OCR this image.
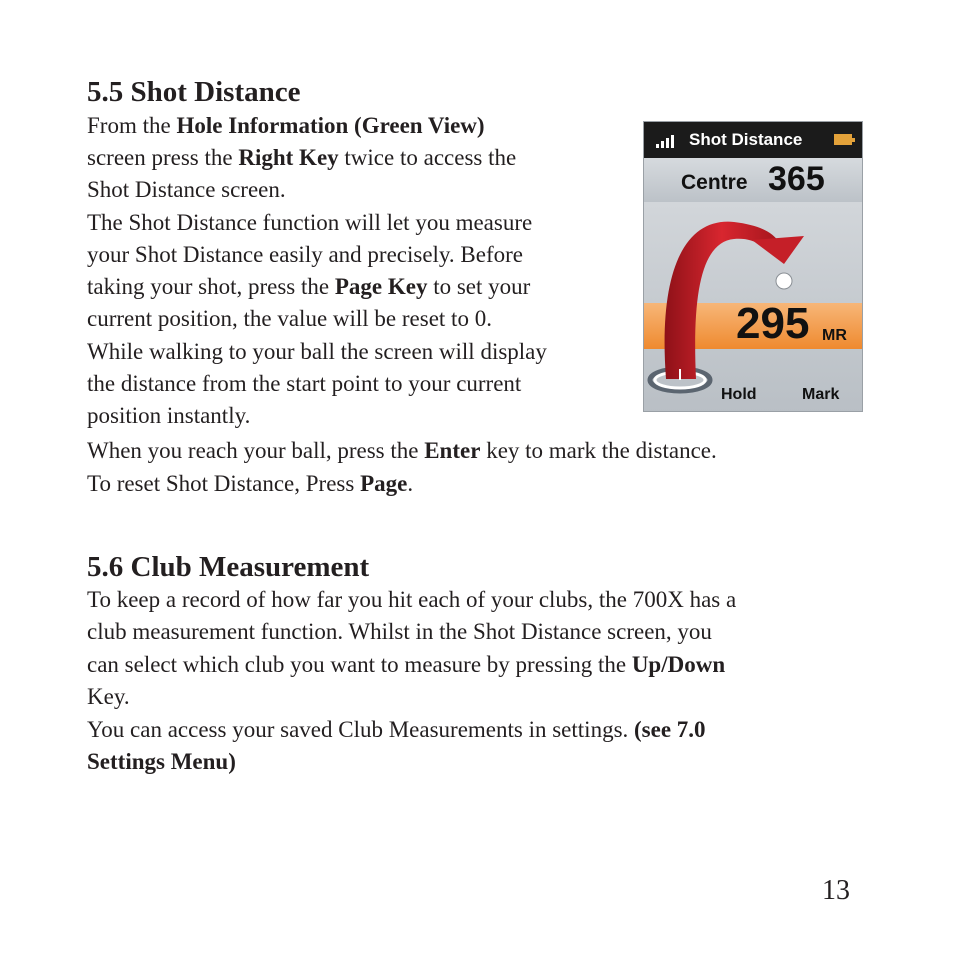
5.5 Shot Distance
From the Hole Information (Green View)
screen press the Right Key twice to access the
Shot Distance screen.
The Shot Distance function will let you measure
your Shot Distance easily and precisely. Before
taking your shot, press the Page Key to set your
current position, the value will be reset to 0.
While walking to your ball the screen will display
the distance from the start point to your current
position instantly.
When you reach your ball, press the Enter key to mark the distance.
To reset Shot Distance, Press Page.
Shot Distance
Centre 365
295 MR
Hold	Mark
5.6 Club Measurement
To keep a record of how far you hit each of your clubs, the 700X has a
club measurement function. Whilst in the Shot Distance screen, you
can select which club you want to measure by pressing the Up/Down
Key.
You can access your saved Club Measurements in settings. (see 7.0
Settings Menu)
13
